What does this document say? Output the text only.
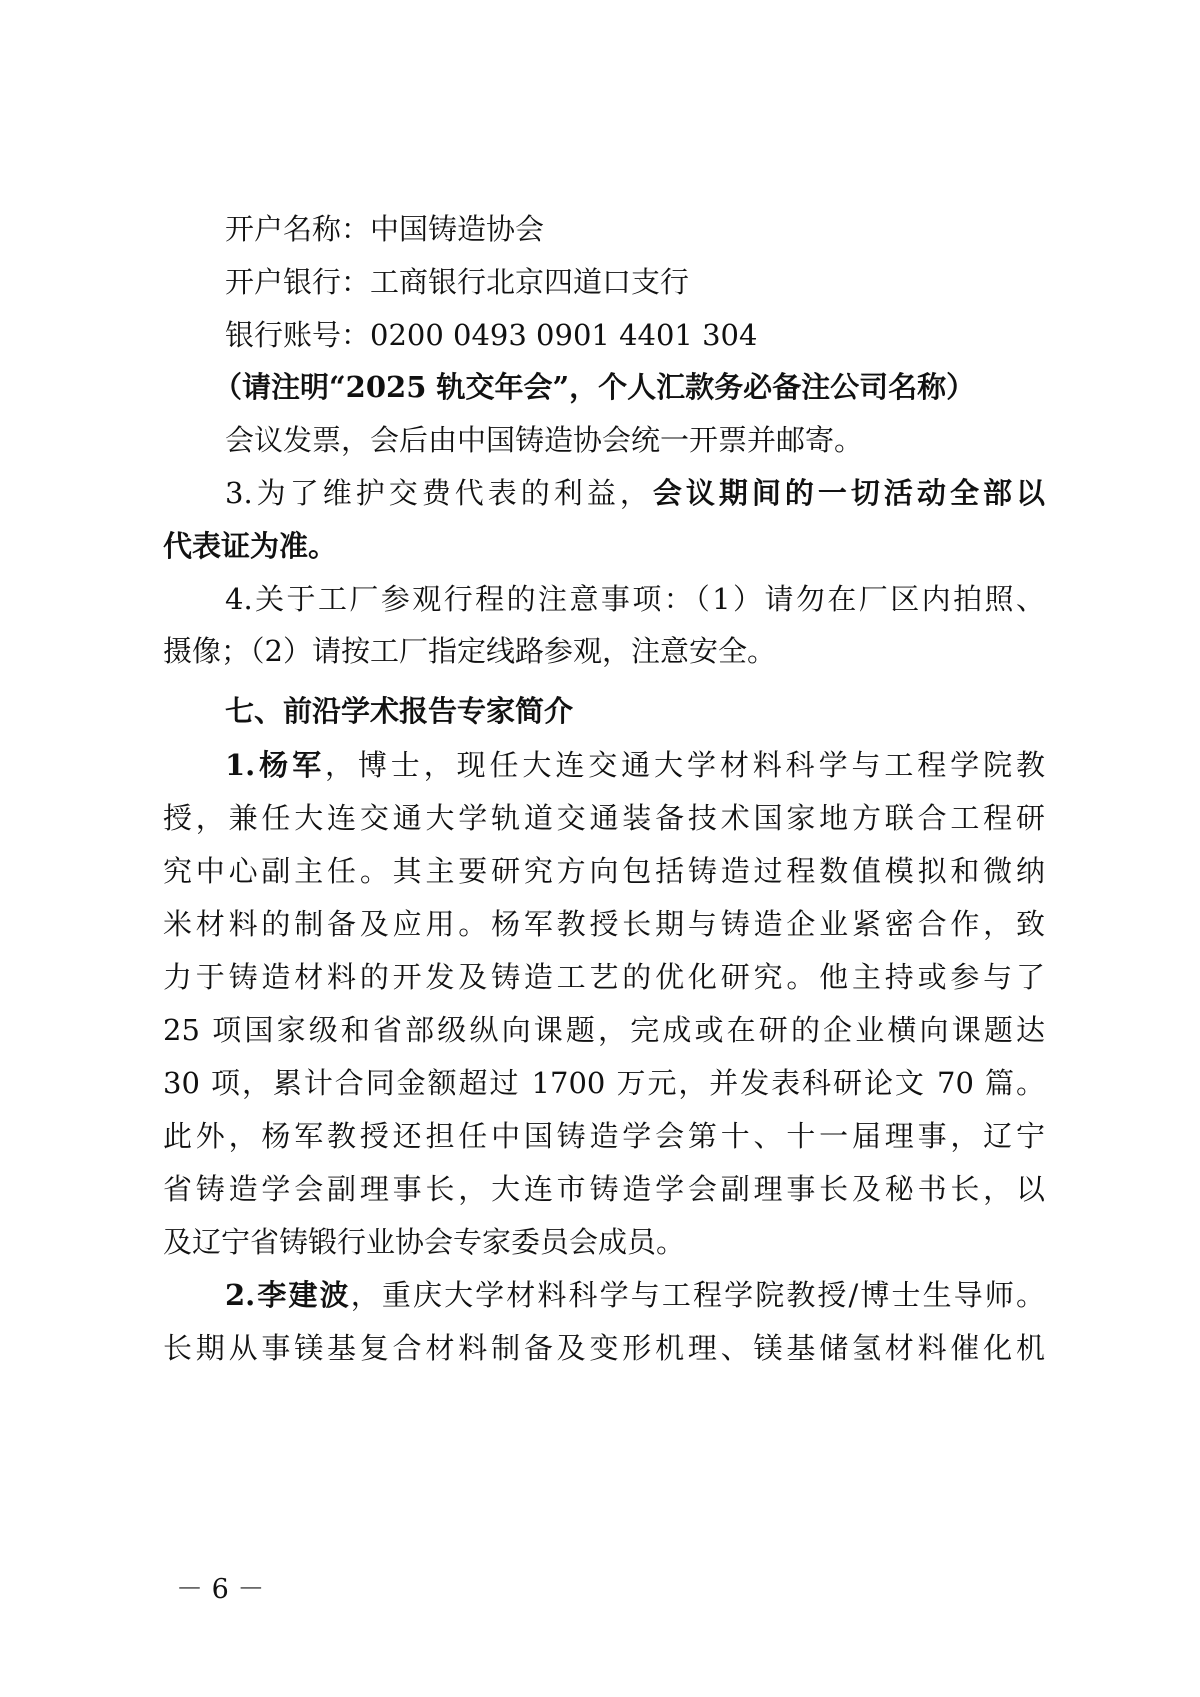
开户名称：中国铸造协会
开户银行：工商银行北京四道口支行
银行账号：0200 0493 0901 4401 304
（请注明“2025 轨交年会”，个人汇款务必备注公司名称）
会议发票，会后由中国铸造协会统一开票并邮寄。
3.为了维护交费代表的利益，会议期间的一切活动全部以
代表证为准。
4.关于工厂参观行程的注意事项：（1）请勿在厂区内拍照、
摄像；（2）请按工厂指定线路参观，注意安全。
七、前沿学术报告专家简介
1.杨军，博士，现任大连交通大学材料科学与工程学院教
授，兼任大连交通大学轨道交通装备技术国家地方联合工程研
究中心副主任。其主要研究方向包括铸造过程数值模拟和微纳
米材料的制备及应用。杨军教授长期与铸造企业紧密合作，致
力于铸造材料的开发及铸造工艺的优化研究。他主持或参与了
25 项国家级和省部级纵向课题，完成或在研的企业横向课题达
30 项，累计合同金额超过 1700 万元，并发表科研论文 70 篇。
此外，杨军教授还担任中国铸造学会第十、十一届理事，辽宁
省铸造学会副理事长，大连市铸造学会副理事长及秘书长，以
及辽宁省铸锻行业协会专家委员会成员。
2.李建波，重庆大学材料科学与工程学院教授/博士生导师。
长期从事镁基复合材料制备及变形机理、镁基储氢材料催化机
－ 6 －
